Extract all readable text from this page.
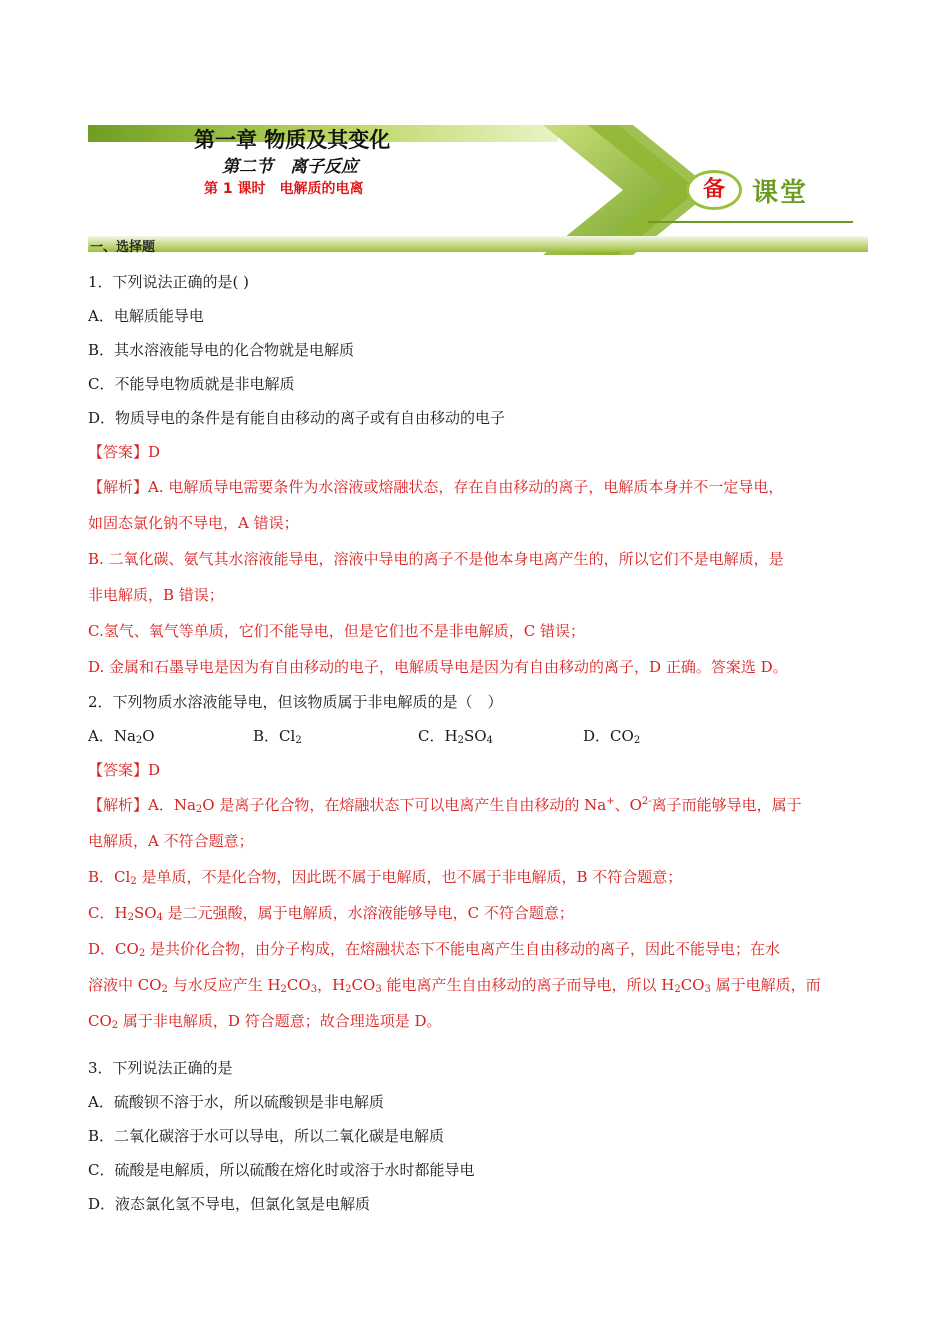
第一章 物质及其变化
第二节　离子反应
第 1 课时　电解质的电离	备	课堂
一、选择题

1．下列说法正确的是( )

A．电解质能导电

B．其水溶液能导电的化合物就是电解质

C．不能导电物质就是非电解质

D．物质导电的条件是有能自由移动的离子或有自由移动的电子

【答案】D

【解析】A. 电解质导电需要条件为水溶液或熔融状态，存在自由移动的离子，电解质本身并不一定导电，

如固态氯化钠不导电，A 错误；

B. 二氧化碳、氨气其水溶液能导电，溶液中导电的离子不是他本身电离产生的，所以它们不是电解质，是

非电解质，B 错误；

C.氢气、氧气等单质，它们不能导电，但是它们也不是非电解质，C 错误；

D. 金属和石墨导电是因为有自由移动的电子，电解质导电是因为有自由移动的离子，D 正确。答案选 D。

2．下列物质水溶液能导电，但该物质属于非电解质的是（　）

A．$Na_2O$	B．$Cl_2$	C．$H_2SO_4$	D．$CO_2$

【答案】D

【解析】A．$Na_2O$ 是离子化合物，在熔融状态下可以电离产生自由移动的 Na+、$O^{2-}$离子而能够导电，属于

电解质，A 不符合题意；

B．$Cl_2$ 是单质，不是化合物，因此既不属于电解质，也不属于非电解质，B 不符合题意；

C．$H_2SO_4$ 是二元强酸，属于电解质，水溶液能够导电，C 不符合题意；

D．$CO_2$ 是共价化合物，由分子构成，在熔融状态下不能电离产生自由移动的离子，因此不能导电；在水

溶液中 $CO_2$ 与水反应产生 $H_2CO_3$，$H_2CO_3$ 能电离产生自由移动的离子而导电，所以 $H_2CO_3$ 属于电解质，而

$CO_2$ 属于非电解质，D 符合题意；故合理选项是 D。

3．下列说法正确的是

A．硫酸钡不溶于水，所以硫酸钡是非电解质

B．二氧化碳溶于水可以导电，所以二氧化碳是电解质

C．硫酸是电解质，所以硫酸在熔化时或溶于水时都能导电

D．液态氯化氢不导电，但氯化氢是电解质
